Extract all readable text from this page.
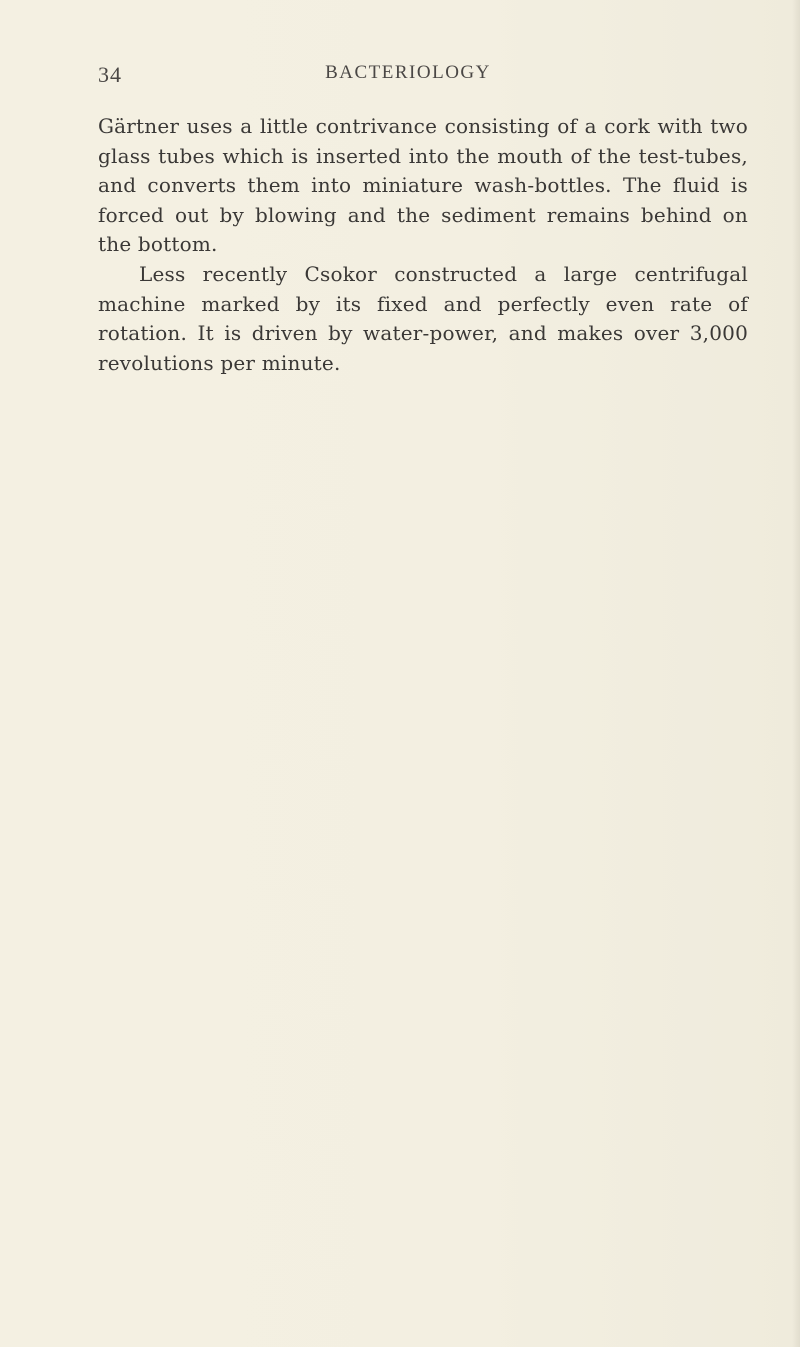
34	BACTERIOLOGY

Gärtner uses a little contrivance consisting of a cork with two glass tubes which is inserted into the mouth of the test-tubes, and converts them into miniature wash-bottles. The fluid is forced out by blowing and the sediment remains behind on the bottom.

Less recently Csokor constructed a large centrifugal machine marked by its fixed and perfectly even rate of rotation. It is driven by water-power, and makes over 3,000 revolutions per minute.
